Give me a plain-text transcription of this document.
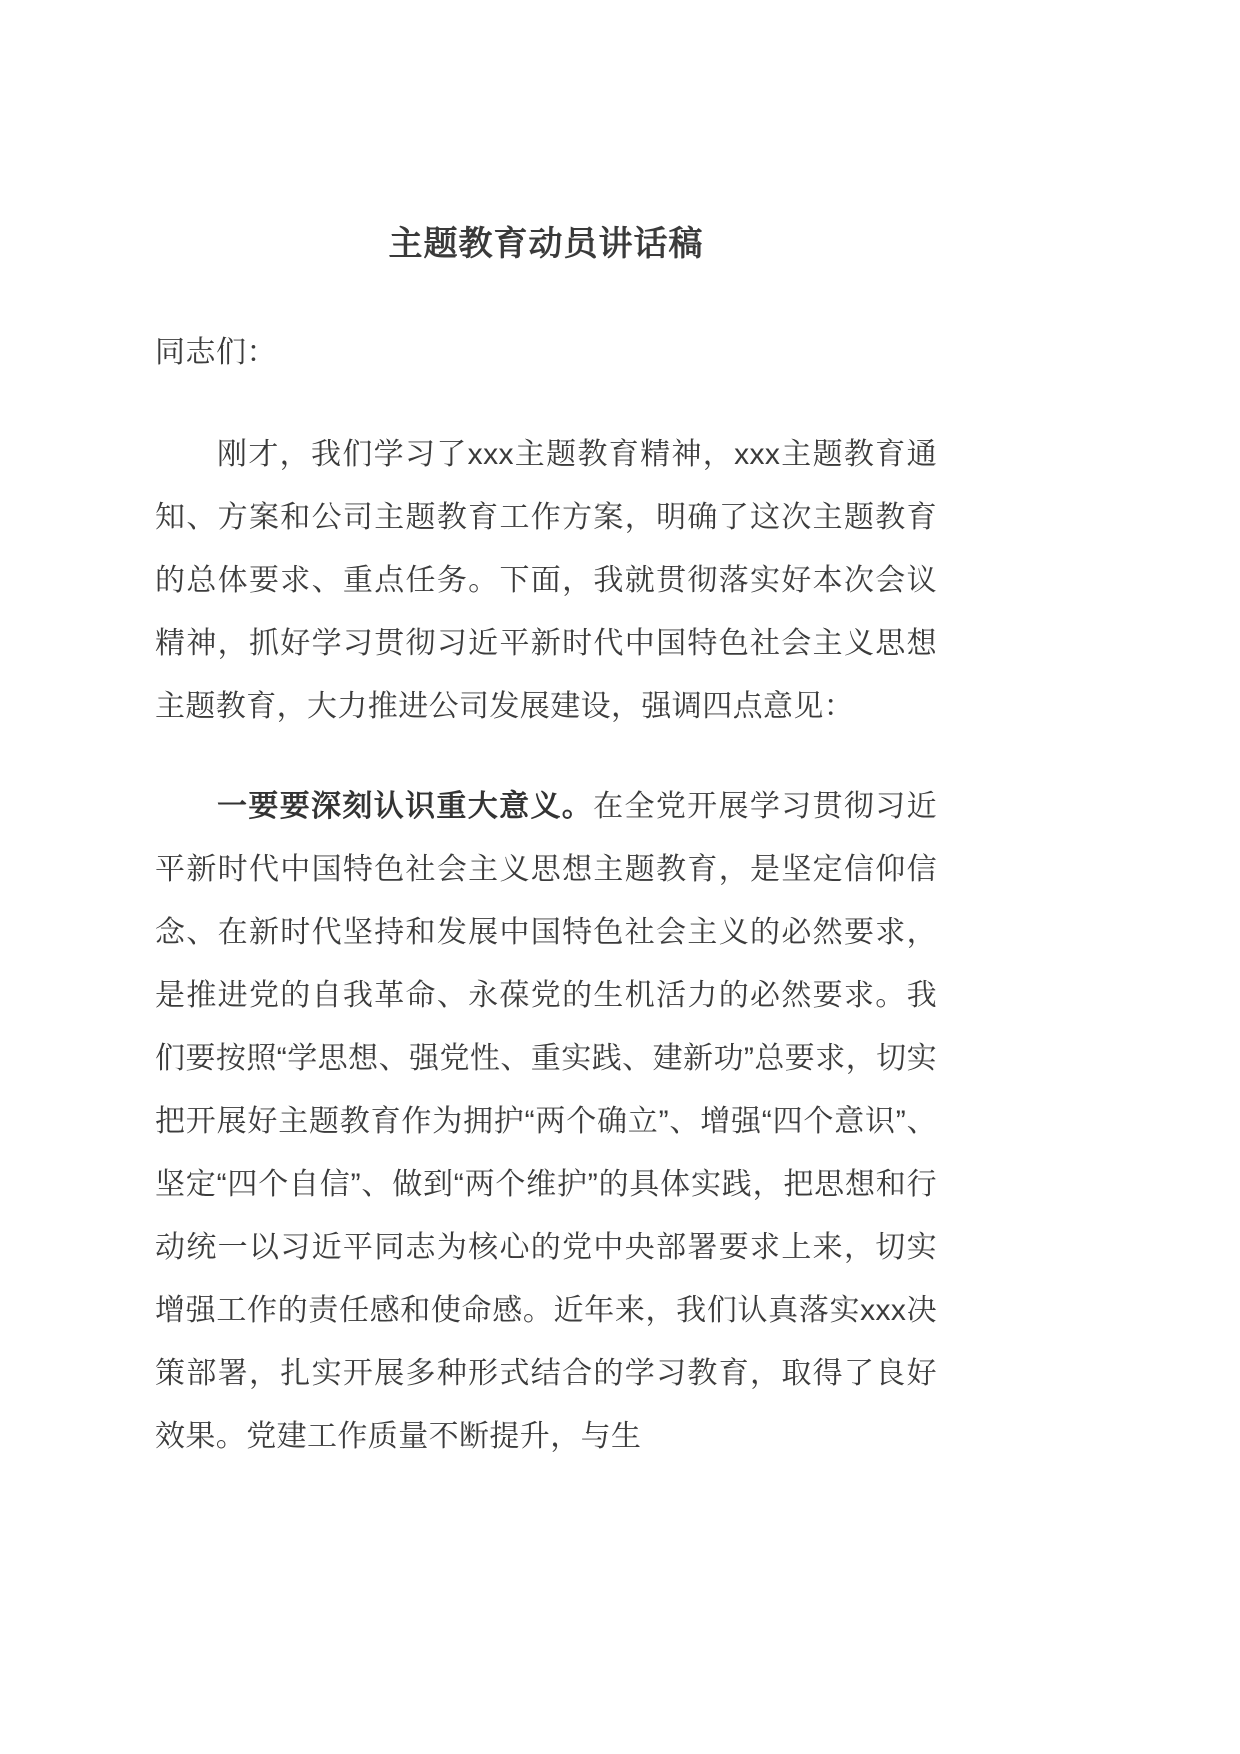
主题教育动员讲话稿

同志们：

刚才，我们学习了xxx主题教育精神，xxx主题教育通知、方案和公司主题教育工作方案，明确了这次主题教育的总体要求、重点任务。下面，我就贯彻落实好本次会议精神，抓好学习贯彻习近平新时代中国特色社会主义思想主题教育，大力推进公司发展建设，强调四点意见：

一要要深刻认识重大意义。在全党开展学习贯彻习近平新时代中国特色社会主义思想主题教育，是坚定信仰信念、在新时代坚持和发展中国特色社会主义的必然要求，是推进党的自我革命、永葆党的生机活力的必然要求。我们要按照“学思想、强党性、重实践、建新功”总要求，切实把开展好主题教育作为拥护“两个确立”、增强“四个意识”、坚定“四个自信”、做到“两个维护”的具体实践，把思想和行动统一以习近平同志为核心的党中央部署要求上来，切实增强工作的责任感和使命感。近年来，我们认真落实xxx决策部署，扎实开展多种形式结合的学习教育，取得了良好效果。党建工作质量不断提升，与生
